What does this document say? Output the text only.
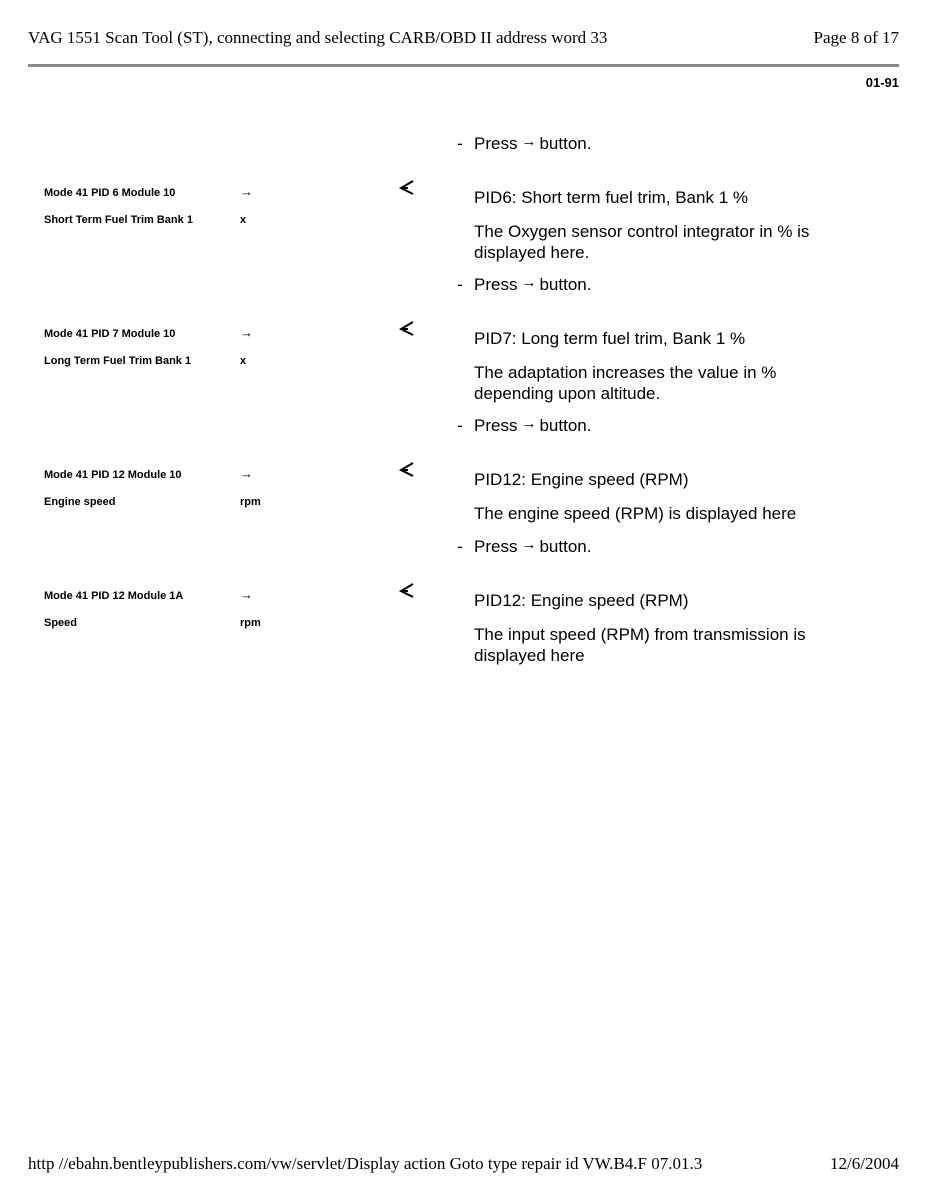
VAG 1551 Scan Tool (ST), connecting and selecting CARB/OBD II address word 33	Page 8 of 17
01-91
- Press → button.
Mode 41 PID 6 Module 10	→
Short Term Fuel Trim Bank 1	x
PID6: Short term fuel trim, Bank 1 %
The Oxygen sensor control integrator in % is displayed here.
- Press → button.
Mode 41 PID 7 Module 10	→
Long Term Fuel Trim Bank 1	x
PID7: Long term fuel trim, Bank 1 %
The adaptation increases the value in % depending upon altitude.
- Press → button.
Mode 41 PID 12 Module 10	→
Engine speed	rpm
PID12: Engine speed (RPM)
The engine speed (RPM) is displayed here
- Press → button.
Mode 41 PID 12 Module 1A	→
Speed	rpm
PID12: Engine speed (RPM)
The input speed (RPM) from transmission is displayed here
http //ebahn.bentleypublishers.com/vw/servlet/Display action Goto type repair id VW.B4.F 07.01.3	12/6/2004
